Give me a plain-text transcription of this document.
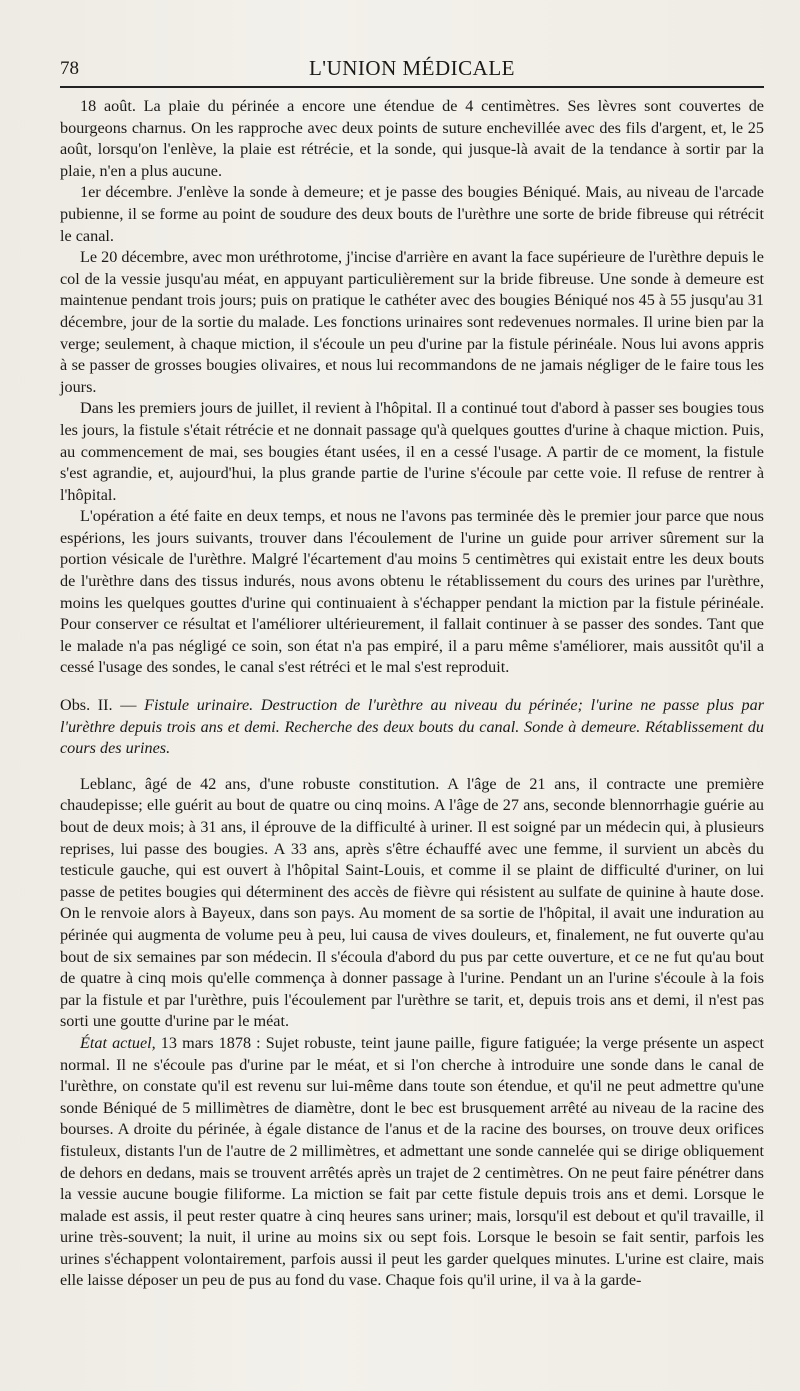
78	L'UNION MÉDICALE

18 août. La plaie du périnée a encore une étendue de 4 centimètres. Ses lèvres sont couvertes de bourgeons charnus. On les rapproche avec deux points de suture enchevillée avec des fils d'argent, et, le 25 août, lorsqu'on l'enlève, la plaie est rétrécie, et la sonde, qui jusque-là avait de la tendance à sortir par la plaie, n'en a plus aucune.

1er décembre. J'enlève la sonde à demeure; et je passe des bougies Béniqué. Mais, au niveau de l'arcade pubienne, il se forme au point de soudure des deux bouts de l'urèthre une sorte de bride fibreuse qui rétrécit le canal.

Le 20 décembre, avec mon uréthrotome, j'incise d'arrière en avant la face supérieure de l'urèthre depuis le col de la vessie jusqu'au méat, en appuyant particulièrement sur la bride fibreuse. Une sonde à demeure est maintenue pendant trois jours; puis on pratique le cathéter avec des bougies Béniqué nos 45 à 55 jusqu'au 31 décembre, jour de la sortie du malade. Les fonctions urinaires sont redevenues normales. Il urine bien par la verge; seulement, à chaque miction, il s'écoule un peu d'urine par la fistule périnéale. Nous lui avons appris à se passer de grosses bougies olivaires, et nous lui recommandons de ne jamais négliger de le faire tous les jours.

Dans les premiers jours de juillet, il revient à l'hôpital. Il a continué tout d'abord à passer ses bougies tous les jours, la fistule s'était rétrécie et ne donnait passage qu'à quelques gouttes d'urine à chaque miction. Puis, au commencement de mai, ses bougies étant usées, il en a cessé l'usage. A partir de ce moment, la fistule s'est agrandie, et, aujourd'hui, la plus grande partie de l'urine s'écoule par cette voie. Il refuse de rentrer à l'hôpital.

L'opération a été faite en deux temps, et nous ne l'avons pas terminée dès le premier jour parce que nous espérions, les jours suivants, trouver dans l'écoulement de l'urine un guide pour arriver sûrement sur la portion vésicale de l'urèthre. Malgré l'écartement d'au moins 5 centimètres qui existait entre les deux bouts de l'urèthre dans des tissus indurés, nous avons obtenu le rétablissement du cours des urines par l'urèthre, moins les quelques gouttes d'urine qui continuaient à s'échapper pendant la miction par la fistule périnéale. Pour conserver ce résultat et l'améliorer ultérieurement, il fallait continuer à se passer des sondes. Tant que le malade n'a pas négligé ce soin, son état n'a pas empiré, il a paru même s'améliorer, mais aussitôt qu'il a cessé l'usage des sondes, le canal s'est rétréci et le mal s'est reproduit.

Obs. II. — Fistule urinaire. Destruction de l'urèthre au niveau du périnée; l'urine ne passe plus par l'urèthre depuis trois ans et demi. Recherche des deux bouts du canal. Sonde à demeure. Rétablissement du cours des urines.

Leblanc, âgé de 42 ans, d'une robuste constitution. A l'âge de 21 ans, il contracte une première chaudepisse; elle guérit au bout de quatre ou cinq moins. A l'âge de 27 ans, seconde blennorrhagie guérie au bout de deux mois; à 31 ans, il éprouve de la difficulté à uriner. Il est soigné par un médecin qui, à plusieurs reprises, lui passe des bougies. A 33 ans, après s'être échauffé avec une femme, il survient un abcès du testicule gauche, qui est ouvert à l'hôpital Saint-Louis, et comme il se plaint de difficulté d'uriner, on lui passe de petites bougies qui déterminent des accès de fièvre qui résistent au sulfate de quinine à haute dose. On le renvoie alors à Bayeux, dans son pays. Au moment de sa sortie de l'hôpital, il avait une induration au périnée qui augmenta de volume peu à peu, lui causa de vives douleurs, et, finalement, ne fut ouverte qu'au bout de six semaines par son médecin. Il s'écoula d'abord du pus par cette ouverture, et ce ne fut qu'au bout de quatre à cinq mois qu'elle commença à donner passage à l'urine. Pendant un an l'urine s'écoule à la fois par la fistule et par l'urèthre, puis l'écoulement par l'urèthre se tarit, et, depuis trois ans et demi, il n'est pas sorti une goutte d'urine par le méat.

État actuel, 13 mars 1878 : Sujet robuste, teint jaune paille, figure fatiguée; la verge présente un aspect normal. Il ne s'écoule pas d'urine par le méat, et si l'on cherche à introduire une sonde dans le canal de l'urèthre, on constate qu'il est revenu sur lui-même dans toute son étendue, et qu'il ne peut admettre qu'une sonde Béniqué de 5 millimètres de diamètre, dont le bec est brusquement arrêté au niveau de la racine des bourses. A droite du périnée, à égale distance de l'anus et de la racine des bourses, on trouve deux orifices fistuleux, distants l'un de l'autre de 2 millimètres, et admettant une sonde cannelée qui se dirige obliquement de dehors en dedans, mais se trouvent arrêtés après un trajet de 2 centimètres. On ne peut faire pénétrer dans la vessie aucune bougie filiforme. La miction se fait par cette fistule depuis trois ans et demi. Lorsque le malade est assis, il peut rester quatre à cinq heures sans uriner; mais, lorsqu'il est debout et qu'il travaille, il urine très-souvent; la nuit, il urine au moins six ou sept fois. Lorsque le besoin se fait sentir, parfois les urines s'échappent volontairement, parfois aussi il peut les garder quelques minutes. L'urine est claire, mais elle laisse déposer un peu de pus au fond du vase. Chaque fois qu'il urine, il va à la garde-
